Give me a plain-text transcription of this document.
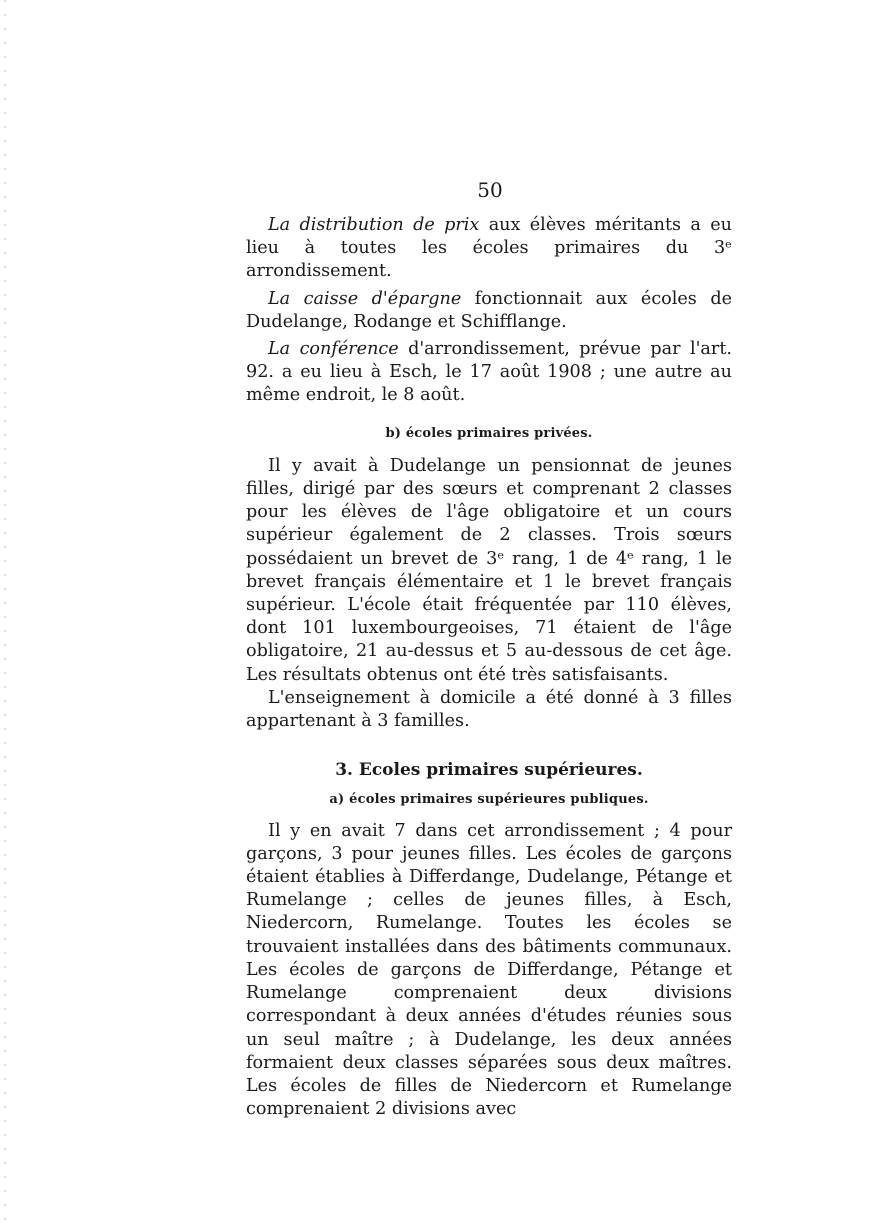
50

La distribution de prix aux élèves méritants a eu lieu à toutes les écoles primaires du 3ᵉ arrondissement.

La caisse d'épargne fonctionnait aux écoles de Dudelange, Rodange et Schifflange.

La conférence d'arrondissement, prévue par l'art. 92. a eu lieu à Esch, le 17 août 1908 ; une autre au même endroit, le 8 août.

b) écoles primaires privées.

Il y avait à Dudelange un pensionnat de jeunes filles, dirigé par des sœurs et comprenant 2 classes pour les élèves de l'âge obligatoire et un cours supérieur également de 2 classes. Trois sœurs possédaient un brevet de 3ᵉ rang, 1 de 4ᵉ rang, 1 le brevet français élémentaire et 1 le brevet français supérieur. L'école était fréquentée par 110 élèves, dont 101 luxembourgeoises, 71 étaient de l'âge obligatoire, 21 au-dessus et 5 au-dessous de cet âge. Les résultats obtenus ont été très satisfaisants.

L'enseignement à domicile a été donné à 3 filles appartenant à 3 familles.

3. Ecoles primaires supérieures.
a) écoles primaires supérieures publiques.

Il y en avait 7 dans cet arrondissement ; 4 pour garçons, 3 pour jeunes filles. Les écoles de garçons étaient établies à Differdange, Dudelange, Pétange et Rumelange ; celles de jeunes filles, à Esch, Niedercorn, Rumelange. Toutes les écoles se trouvaient installées dans des bâtiments communaux. Les écoles de garçons de Differdange, Pétange et Rumelange comprenaient deux divisions correspondant à deux années d'études réunies sous un seul maître ; à Dudelange, les deux années formaient deux classes séparées sous deux maîtres. Les écoles de filles de Niedercorn et Rumelange comprenaient 2 divisions avec
